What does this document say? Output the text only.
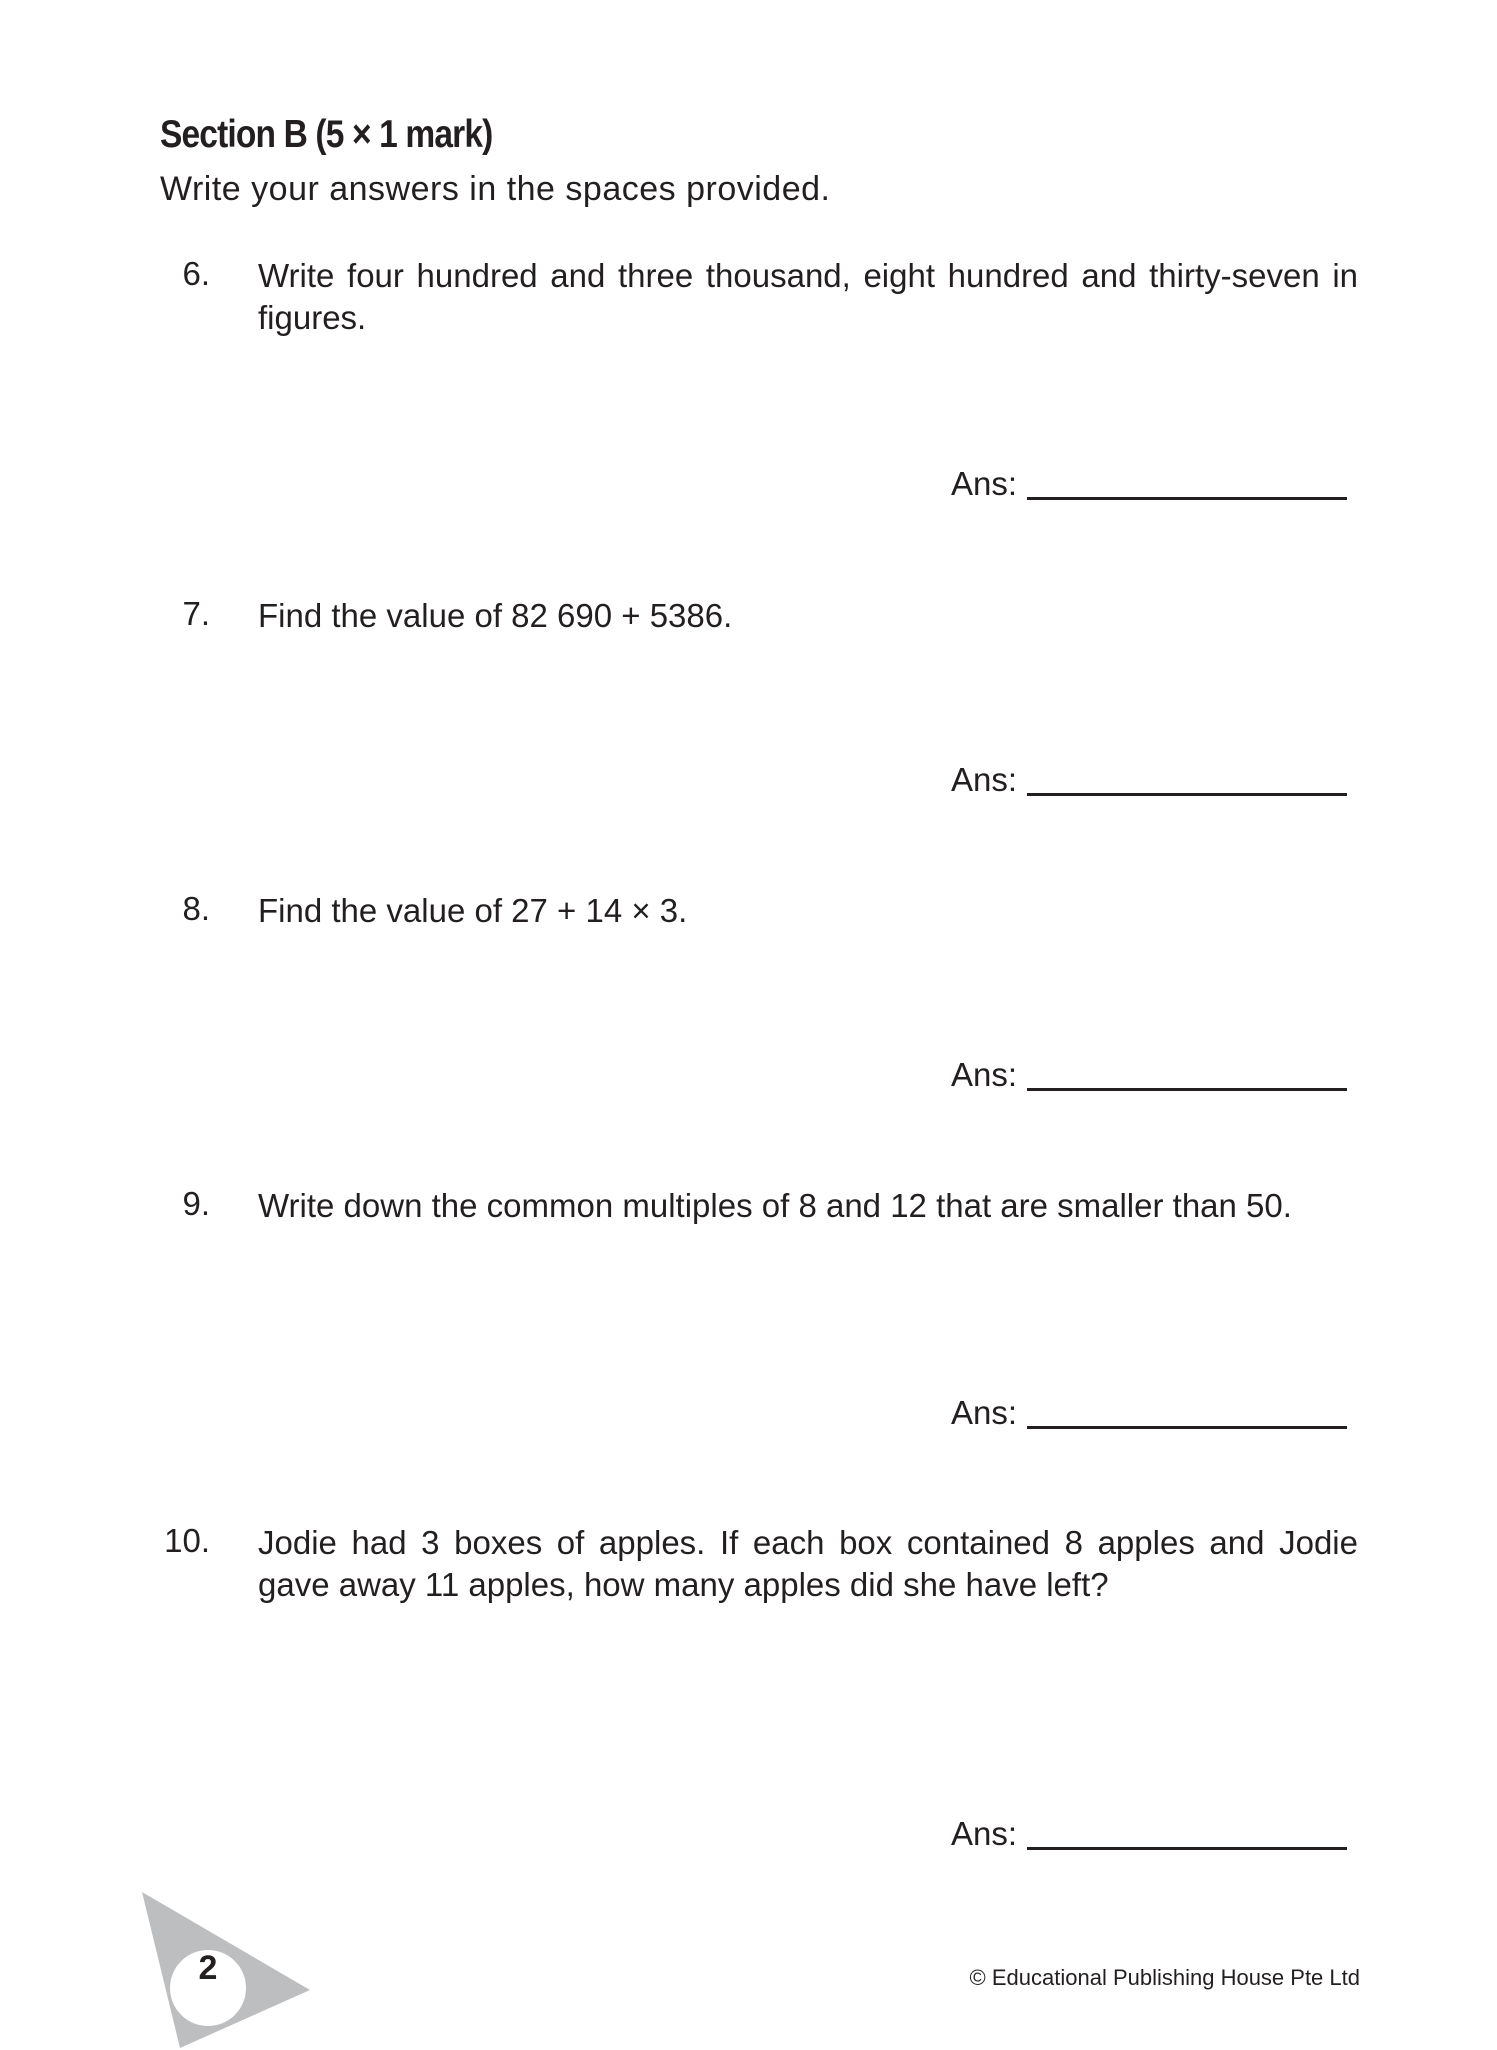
Section B (5 × 1 mark)
Write your answers in the spaces provided.
6. Write four hundred and three thousand, eight hundred and thirty-seven in figures.
Ans:
7. Find the value of 82 690 + 5386.
Ans:
8. Find the value of 27 + 14 × 3.
Ans:
9. Write down the common multiples of 8 and 12 that are smaller than 50.
Ans:
10. Jodie had 3 boxes of apples. If each box contained 8 apples and Jodie gave away 11 apples, how many apples did she have left?
Ans:
2	© Educational Publishing House Pte Ltd
